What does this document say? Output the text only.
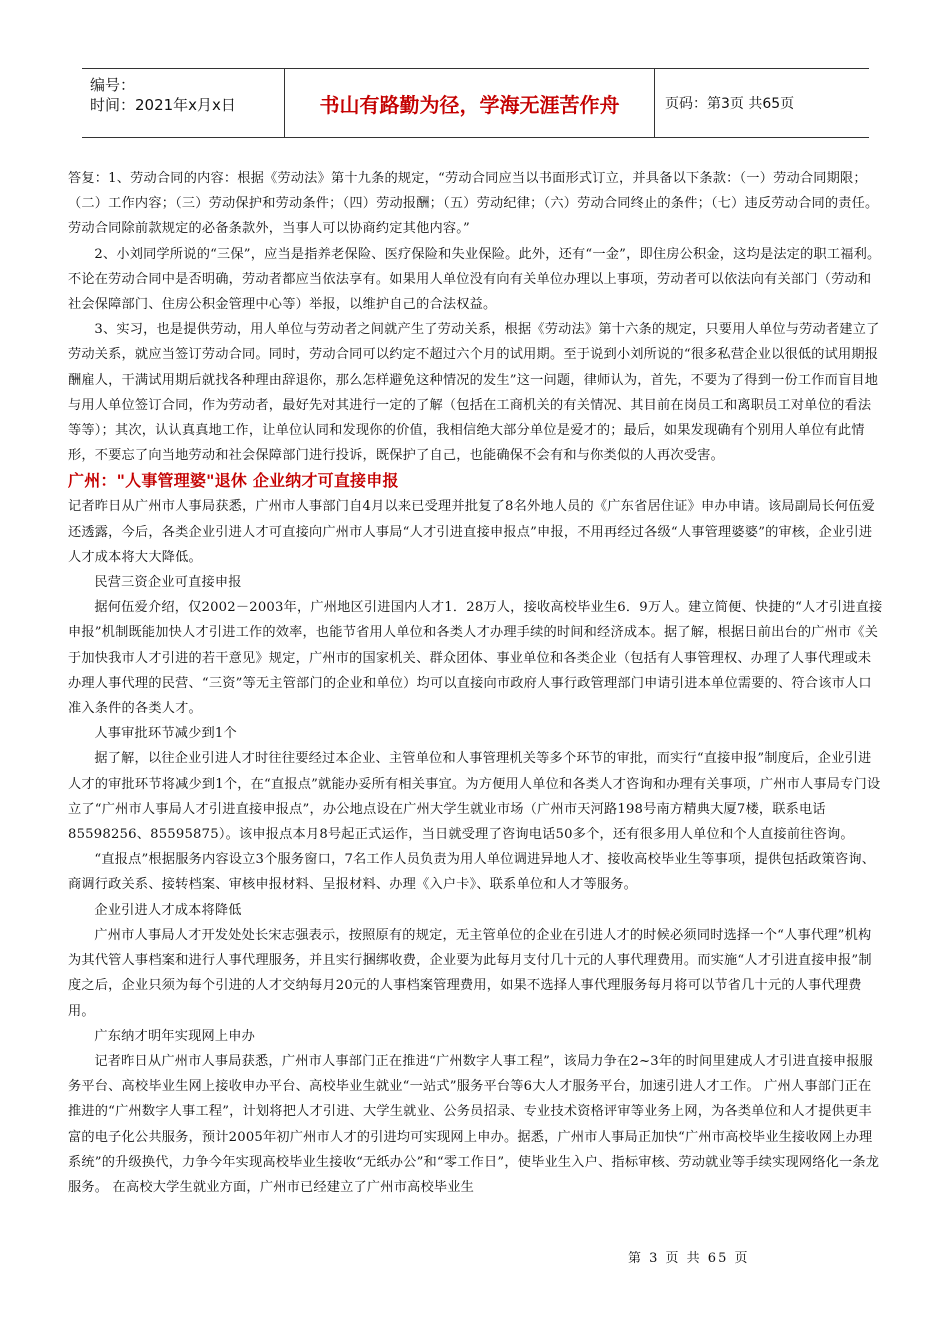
编号：
时间：2021年x月x日	书山有路勤为径，学海无涯苦作舟	页码：第3页 共65页

答复：1、劳动合同的内容：根据《劳动法》第十九条的规定，“劳动合同应当以书面形式订立，并具备以下条款：（一）劳动合同期限；（二）工作内容；（三）劳动保护和劳动条件；（四）劳动报酬；（五）劳动纪律；（六）劳动合同终止的条件；（七）违反劳动合同的责任。劳动合同除前款规定的必备条款外，当事人可以协商约定其他内容。”

2、小刘同学所说的“三保”，应当是指养老保险、医疗保险和失业保险。此外，还有“一金”，即住房公积金，这均是法定的职工福利。不论在劳动合同中是否明确，劳动者都应当依法享有。如果用人单位没有向有关单位办理以上事项，劳动者可以依法向有关部门（劳动和社会保障部门、住房公积金管理中心等）举报，以维护自己的合法权益。

3、实习，也是提供劳动，用人单位与劳动者之间就产生了劳动关系，根据《劳动法》第十六条的规定，只要用人单位与劳动者建立了劳动关系，就应当签订劳动合同。同时，劳动合同可以约定不超过六个月的试用期。至于说到小刘所说的“很多私营企业以很低的试用期报酬雇人，干满试用期后就找各种理由辞退你，那么怎样避免这种情况的发生”这一问题，律师认为，首先，不要为了得到一份工作而盲目地与用人单位签订合同，作为劳动者，最好先对其进行一定的了解（包括在工商机关的有关情况、其目前在岗员工和离职员工对单位的看法等等）；其次，认认真真地工作，让单位认同和发现你的价值，我相信绝大部分单位是爱才的；最后，如果发现确有个别用人单位有此情形，不要忘了向当地劳动和社会保障部门进行投诉，既保护了自己，也能确保不会有和与你类似的人再次受害。

广州："人事管理婆"退休 企业纳才可直接申报

记者昨日从广州市人事局获悉，广州市人事部门自4月以来已受理并批复了8名外地人员的《广东省居住证》申办申请。该局副局长何伍爱还透露，今后，各类企业引进人才可直接向广州市人事局“人才引进直接申报点”申报，不用再经过各级“人事管理婆婆”的审核，企业引进人才成本将大大降低。

民营三资企业可直接申报

据何伍爱介绍，仅2002－2003年，广州地区引进国内人才1．28万人，接收高校毕业生6．9万人。建立简便、快捷的“人才引进直接申报”机制既能加快人才引进工作的效率，也能节省用人单位和各类人才办理手续的时间和经济成本。据了解，根据日前出台的广州市《关于加快我市人才引进的若干意见》规定，广州市的国家机关、群众团体、事业单位和各类企业（包括有人事管理权、办理了人事代理或未办理人事代理的民营、“三资”等无主管部门的企业和单位）均可以直接向市政府人事行政管理部门申请引进本单位需要的、符合该市人口准入条件的各类人才。

人事审批环节减少到1个

据了解，以往企业引进人才时往往要经过本企业、主管单位和人事管理机关等多个环节的审批，而实行“直接申报”制度后，企业引进人才的审批环节将减少到1个，在“直报点”就能办妥所有相关事宜。为方便用人单位和各类人才咨询和办理有关事项，广州市人事局专门设立了“广州市人事局人才引进直接申报点”，办公地点设在广州大学生就业市场（广州市天河路198号南方精典大厦7楼，联系电话　85598256、85595875）。该申报点本月8号起正式运作，当日就受理了咨询电话50多个，还有很多用人单位和个人直接前往咨询。

“直报点”根据服务内容设立3个服务窗口，7名工作人员负责为用人单位调进异地人才、接收高校毕业生等事项，提供包括政策咨询、商调行政关系、接转档案、审核申报材料、呈报材料、办理《入户卡》、联系单位和人才等服务。

企业引进人才成本将降低

广州市人事局人才开发处处长宋志强表示，按照原有的规定，无主管单位的企业在引进人才的时候必须同时选择一个“人事代理”机构为其代管人事档案和进行人事代理服务，并且实行捆绑收费，企业要为此每月支付几十元的人事代理费用。而实施“人才引进直接申报”制度之后，企业只须为每个引进的人才交纳每月20元的人事档案管理费用，如果不选择人事代理服务每月将可以节省几十元的人事代理费用。

广东纳才明年实现网上申办

记者昨日从广州市人事局获悉，广州市人事部门正在推进“广州数字人事工程”，该局力争在2~3年的时间里建成人才引进直接申报服务平台、高校毕业生网上接收申办平台、高校毕业生就业“一站式”服务平台等6大人才服务平台，加速引进人才工作。 广州人事部门正在推进的“广州数字人事工程”，计划将把人才引进、大学生就业、公务员招录、专业技术资格评审等业务上网，为各类单位和人才提供更丰富的电子化公共服务，预计2005年初广州市人才的引进均可实现网上申办。据悉，广州市人事局正加快“广州市高校毕业生接收网上办理系统”的升级换代，力争今年实现高校毕业生接收“无纸办公”和“零工作日”，使毕业生入户、指标审核、劳动就业等手续实现网络化一条龙服务。 在高校大学生就业方面，广州市已经建立了广州市高校毕业生

第 3 页 共 65 页
